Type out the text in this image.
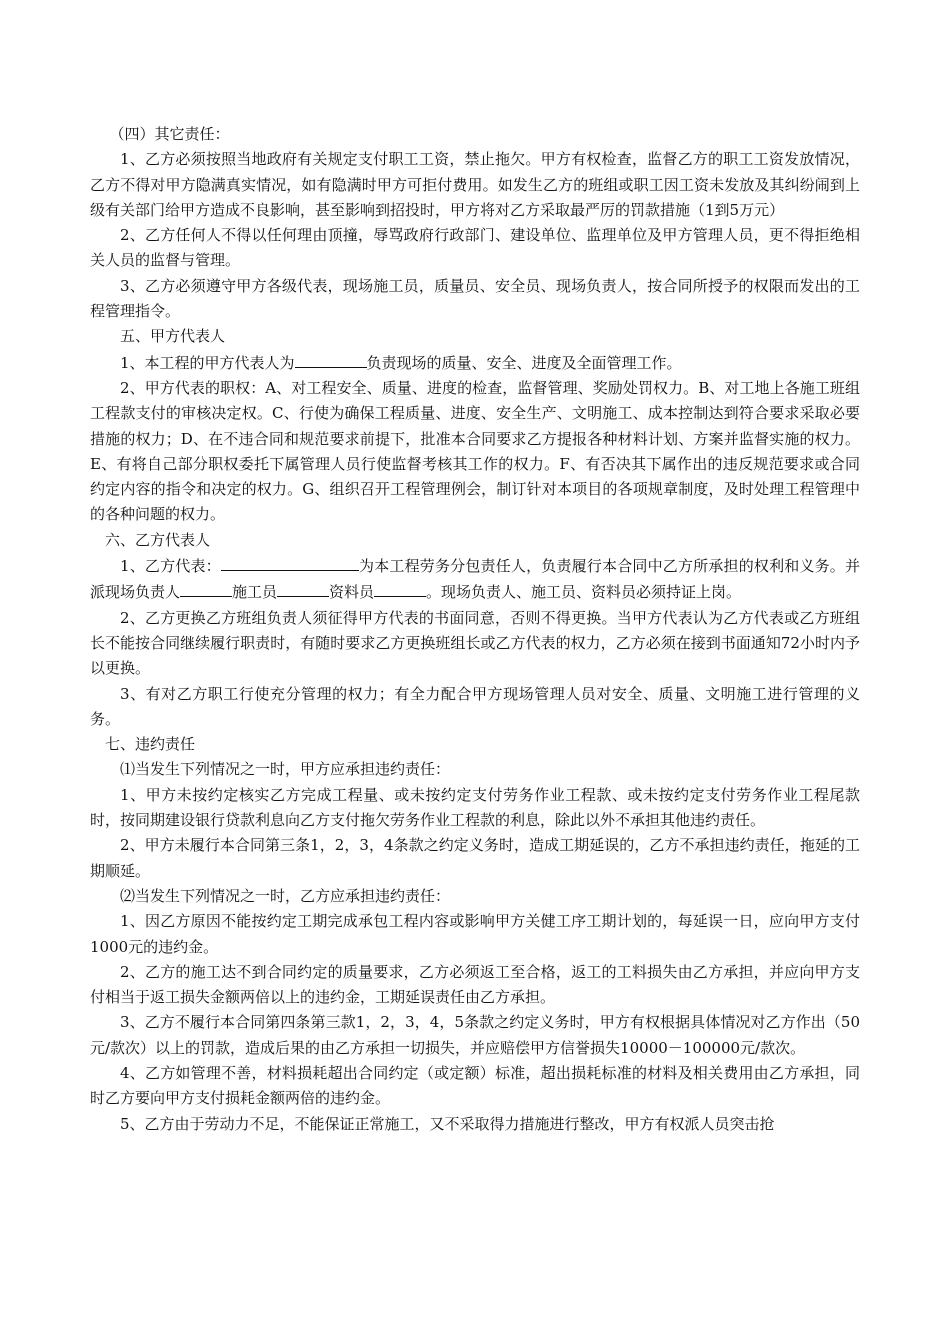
（四）其它责任：

1、乙方必须按照当地政府有关规定支付职工工资，禁止拖欠。甲方有权检查，监督乙方的职工工资发放情况，乙方不得对甲方隐满真实情况，如有隐满时甲方可拒付费用。如发生乙方的班组或职工因工资未发放及其纠纷闹到上级有关部门给甲方造成不良影响，甚至影响到招投时，甲方将对乙方采取最严厉的罚款措施（1到5万元）

2、乙方任何人不得以任何理由顶撞，辱骂政府行政部门、建设单位、监理单位及甲方管理人员，更不得拒绝相关人员的监督与管理。

3、乙方必须遵守甲方各级代表，现场施工员，质量员、安全员、现场负责人，按合同所授予的权限而发出的工程管理指令。

五、甲方代表人

1、本工程的甲方代表人为	负责现场的质量、安全、进度及全面管理工作。

2、甲方代表的职权：A、对工程安全、质量、进度的检查，监督管理、奖励处罚权力。B、对工地上各施工班组工程款支付的审核决定权。C、行使为确保工程质量、进度、安全生产、文明施工、成本控制达到符合要求采取必要措施的权力；D、在不违合同和规范要求前提下，批准本合同要求乙方提报各种材料计划、方案并监督实施的权力。E、有将自己部分职权委托下属管理人员行使监督考核其工作的权力。F、有否决其下属作出的违反规范要求或合同约定内容的指令和决定的权力。G、组织召开工程管理例会，制订针对本项目的各项规章制度，及时处理工程管理中的各种问题的权力。

六、乙方代表人

1、乙方代表：	为本工程劳务分包责任人，负责履行本合同中乙方所承担的权利和义务。并派现场负责人	施工员	资料员	。现场负责人、施工员、资料员必须持证上岗。

2、乙方更换乙方班组负责人须征得甲方代表的书面同意，否则不得更换。当甲方代表认为乙方代表或乙方班组长不能按合同继续履行职责时，有随时要求乙方更换班组长或乙方代表的权力，乙方必须在接到书面通知72小时内予以更换。

3、有对乙方职工行使充分管理的权力；有全力配合甲方现场管理人员对安全、质量、文明施工进行管理的义务。

七、违约责任

⑴当发生下列情况之一时，甲方应承担违约责任：

1、甲方未按约定核实乙方完成工程量、或未按约定支付劳务作业工程款、或未按约定支付劳务作业工程尾款时，按同期建设银行贷款利息向乙方支付拖欠劳务作业工程款的利息，除此以外不承担其他违约责任。

2、甲方未履行本合同第三条1，2，3，4条款之约定义务时，造成工期延误的，乙方不承担违约责任，拖延的工期顺延。

⑵当发生下列情况之一时，乙方应承担违约责任：

1、因乙方原因不能按约定工期完成承包工程内容或影响甲方关健工序工期计划的，每延误一日，应向甲方支付1000元的违约金。

2、乙方的施工达不到合同约定的质量要求，乙方必须返工至合格，返工的工料损失由乙方承担，并应向甲方支付相当于返工损失金额两倍以上的违约金，工期延误责任由乙方承担。

3、乙方不履行本合同第四条第三款1，2，3，4，5条款之约定义务时，甲方有权根据具体情况对乙方作出（50元/款次）以上的罚款，造成后果的由乙方承担一切损失，并应赔偿甲方信誉损失10000－100000元/款次。

4、乙方如管理不善，材料损耗超出合同约定（或定额）标准，超出损耗标准的材料及相关费用由乙方承担，同时乙方要向甲方支付损耗金额两倍的违约金。

5、乙方由于劳动力不足，不能保证正常施工，又不采取得力措施进行整改，甲方有权派人员突击抢
